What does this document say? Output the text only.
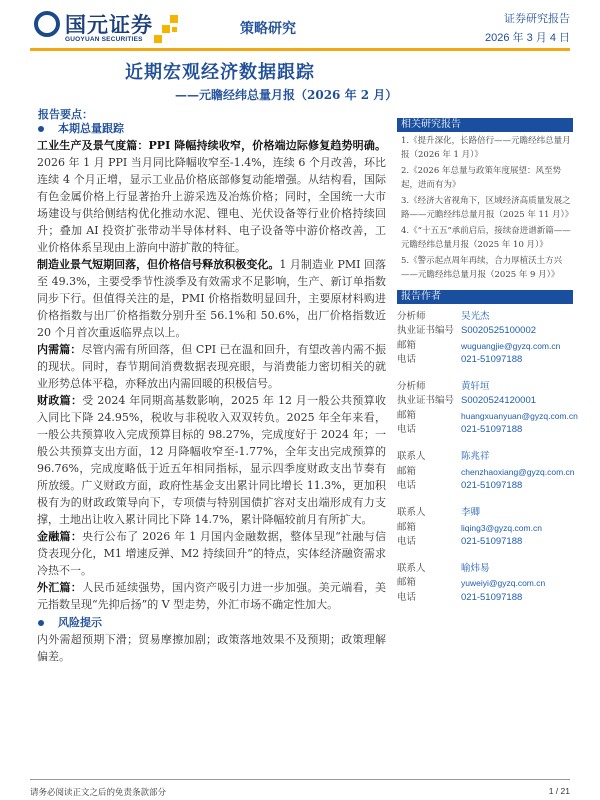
国元证券
GUOYUAN SECURITIES
策略研究
证券研究报告
2026 年 3 月 4 日
近期宏观经济数据跟踪
——元瞻经纬总量月报（2026 年 2 月）
报告要点：
本期总量跟踪

工业生产及景气度篇：PPI 降幅持续收窄，价格端边际修复趋势明确。2026 年 1 月 PPI 当月同比降幅收窄至-1.4%，连续 6 个月改善，环比连续 4 个月正增，显示工业品价格底部修复动能增强。从结构看，国际有色金属价格上行显著抬升上游采选及冶炼价格；同时，全国统一大市场建设与供给侧结构优化推动水泥、锂电、光伏设备等行业价格持续回升；叠加 AI 投资扩张带动半导体材料、电子设备等中游价格改善，工业价格体系呈现由上游向中游扩散的特征。

制造业景气短期回落，但价格信号释放积极变化。1 月制造业 PMI 回落至 49.3%，主要受季节性淡季及有效需求不足影响，生产、新订单指数同步下行。但值得关注的是，PMI 价格指数明显回升，主要原材料购进价格指数与出厂价格指数分别升至 56.1%和 50.6%，出厂价格指数近 20 个月首次重返临界点以上。

内需篇：尽管内需有所回落，但 CPI 已在温和回升，有望改善内需不振的现状。同时，春节期间消费数据表现亮眼，与消费能力密切相关的就业形势总体平稳，亦释放出内需回暖的积极信号。

财政篇：受 2024 年同期高基数影响，2025 年 12 月一般公共预算收入同比下降 24.95%，税收与非税收入双双转负。2025 年全年来看，一般公共预算收入完成预算目标的 98.27%，完成度好于 2024 年；一般公共预算支出方面，12 月降幅收窄至-1.77%，全年支出完成预算的 96.76%，完成度略低于近五年相同指标，显示四季度财政支出节奏有所放缓。广义财政方面，政府性基金支出累计同比增长 11.3%，更加积极有为的财政政策导向下，专项债与特别国债扩容对支出端形成有力支撑，土地出让收入累计同比下降 14.7%，累计降幅较前月有所扩大。

金融篇：央行公布了 2026 年 1 月国内金融数据，整体呈现“社融与信贷表现分化，M1 增速反弹、M2 持续回升”的特点，实体经济融资需求冷热不一。

外汇篇：人民币延续强势，国内资产吸引力进一步加强。美元端看，美元指数呈现“先抑后扬”的 V 型走势，外汇市场不确定性加大。

风险提示

内外需超预期下滑；贸易摩擦加剧；政策落地效果不及预期；政策理解偏差。

相关研究报告

1.《提升深化，长路倍行——元瞻经纬总量月报（2026 年 1 月）》

2.《2026 年总量与政策年度展望：风至势起，进而有为》

3.《经济大省视角下，区域经济高质量发展之路——元瞻经纬总量月报（2025 年 11 月）》

4.《“十五五”承前启后，接续奋进谱新篇——元瞻经纬总量月报（2025 年 10 月）》

5.《警示起点周年再续，合力厚植沃土方兴——元瞻经纬总量月报（2025 年 9 月）》

报告作者
分析师	吴光杰
执业证书编号 S0020525100002
邮箱	wuguangjie@gyzq.com.cn
电话	021-51097188
分析师	黄轩垣
执业证书编号 S0020524120001
邮箱	huangxuanyuan@gyzq.com.cn
电话	021-51097188
联系人	陈兆祥
邮箱	chenzhaoxiang@gyzq.com.cn
电话	021-51097188
联系人	李卿
邮箱	liqing3@gyzq.com.cn
电话	021-51097188
联系人	喻炜易
邮箱	yuweiyi@gyzq.com.cn
电话	021-51097188
请务必阅读正文之后的免责条款部分	1 / 21
